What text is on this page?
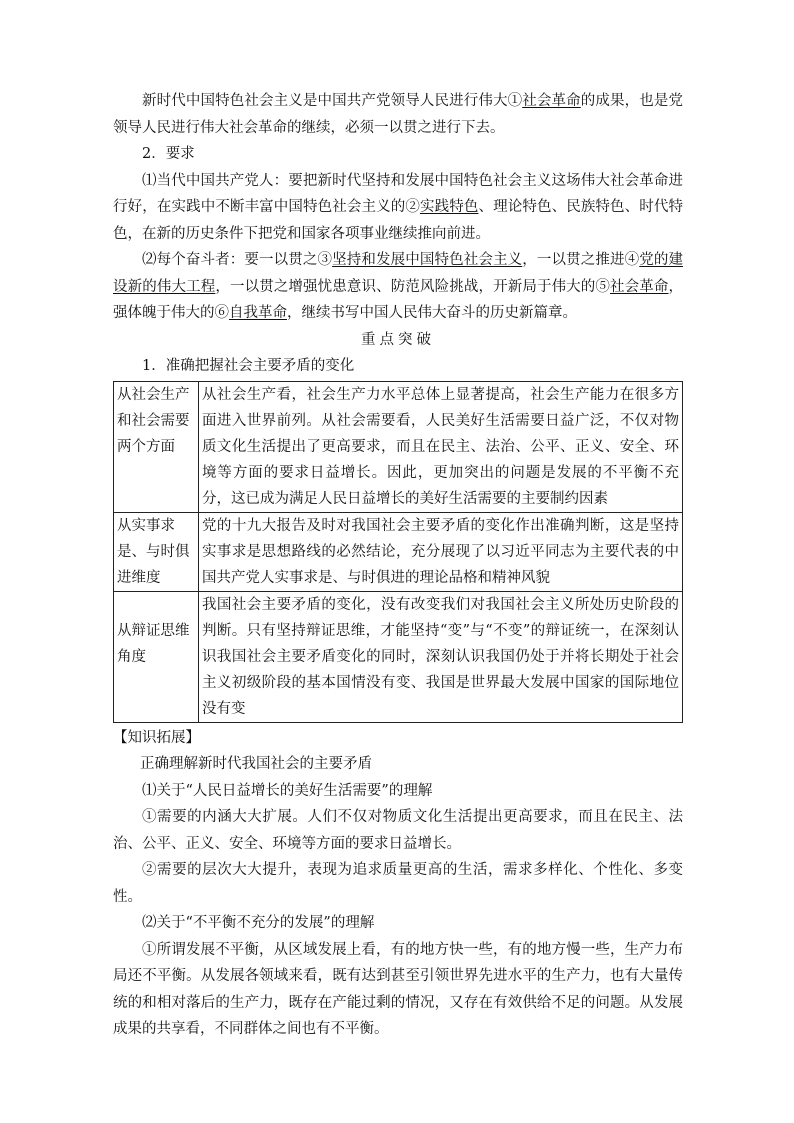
新时代中国特色社会主义是中国共产党领导人民进行伟大①社会革命的成果，也是党领导人民进行伟大社会革命的继续，必须一以贯之进行下去。

2．要求

⑴当代中国共产党人：要把新时代坚持和发展中国特色社会主义这场伟大社会革命进行好，在实践中不断丰富中国特色社会主义的②实践特色、理论特色、民族特色、时代特色，在新的历史条件下把党和国家各项事业继续推向前进。

⑵每个奋斗者：要一以贯之③坚持和发展中国特色社会主义，一以贯之推进④党的建设新的伟大工程，一以贯之增强忧患意识、防范风险挑战，开新局于伟大的⑤社会革命，强体魄于伟大的⑥自我革命，继续书写中国人民伟大奋斗的历史新篇章。

重点突破

1．准确把握社会主要矛盾的变化

从社会生产和社会需要两个方面	从社会生产看，社会生产力水平总体上显著提高，社会生产能力在很多方面进入世界前列。从社会需要看，人民美好生活需要日益广泛，不仅对物质文化生活提出了更高要求，而且在民主、法治、公平、正义、安全、环境等方面的要求日益增长。因此，更加突出的问题是发展的不平衡不充分，这已成为满足人民日益增长的美好生活需要的主要制约因素
从实事求是、与时俱进维度	党的十九大报告及时对我国社会主要矛盾的变化作出准确判断，这是坚持实事求是思想路线的必然结论，充分展现了以习近平同志为主要代表的中国共产党人实事求是、与时俱进的理论品格和精神风貌
从辩证思维角度	我国社会主要矛盾的变化，没有改变我们对我国社会主义所处历史阶段的判断。只有坚持辩证思维，才能坚持“变”与“不变”的辩证统一，在深刻认识我国社会主要矛盾变化的同时，深刻认识我国仍处于并将长期处于社会主义初级阶段的基本国情没有变、我国是世界最大发展中国家的国际地位没有变

【知识拓展】

正确理解新时代我国社会的主要矛盾

⑴关于“人民日益增长的美好生活需要”的理解

①需要的内涵大大扩展。人们不仅对物质文化生活提出更高要求，而且在民主、法治、公平、正义、安全、环境等方面的要求日益增长。

②需要的层次大大提升，表现为追求质量更高的生活，需求多样化、个性化、多变性。

⑵关于“不平衡不充分的发展”的理解

①所谓发展不平衡，从区域发展上看，有的地方快一些，有的地方慢一些，生产力布局还不平衡。从发展各领域来看，既有达到甚至引领世界先进水平的生产力，也有大量传统的和相对落后的生产力，既存在产能过剩的情况，又存在有效供给不足的问题。从发展成果的共享看，不同群体之间也有不平衡。
